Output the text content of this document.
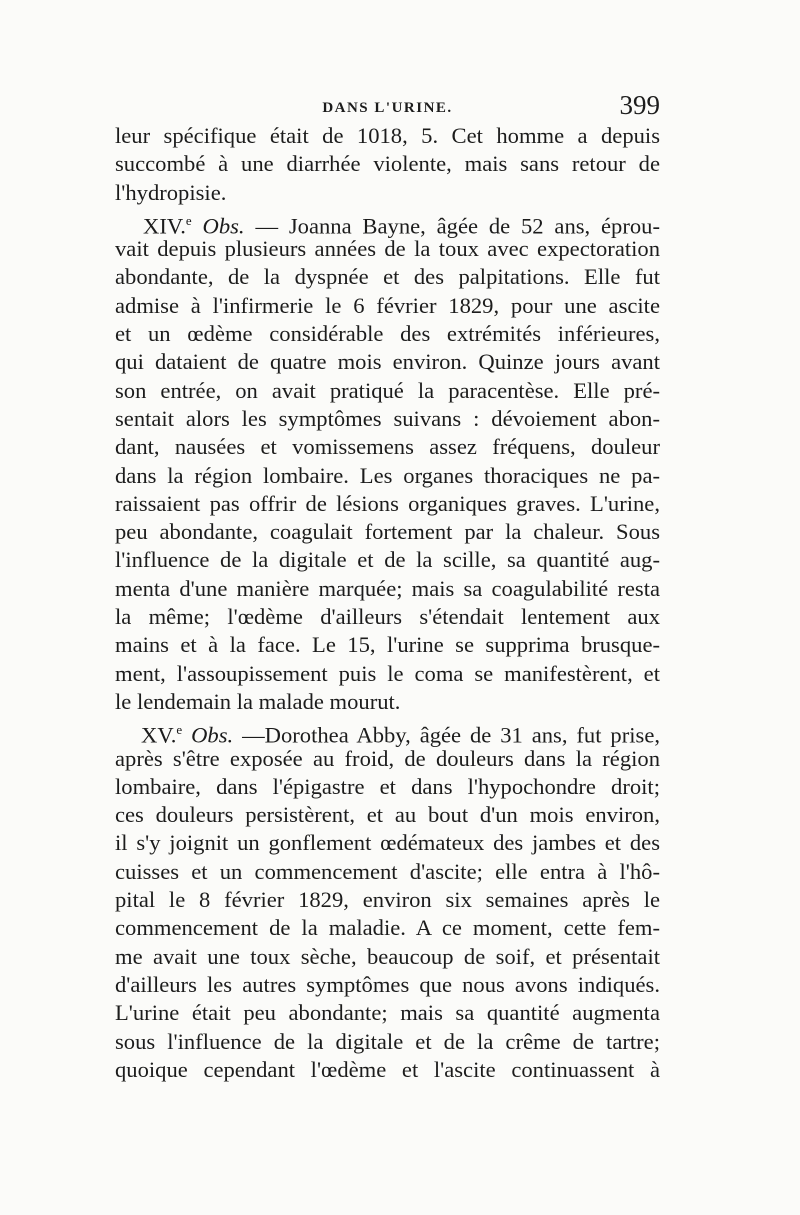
DANS L'URINE.	399
leur spécifique était de 1018, 5. Cet homme a depuis
succombé à une diarrhée violente, mais sans retour de
l'hydropisie.
XIV.$^e$ Obs. — Joanna Bayne, âgée de 52 ans, éprou-
vait depuis plusieurs années de la toux avec expectoration
abondante, de la dyspnée et des palpitations. Elle fut
admise à l'infirmerie le 6 février 1829, pour une ascite
et un œdème considérable des extrémités inférieures,
qui dataient de quatre mois environ. Quinze jours avant
son entrée, on avait pratiqué la paracentèse. Elle pré-
sentait alors les symptômes suivans : dévoiement abon-
dant, nausées et vomissemens assez fréquens, douleur
dans la région lombaire. Les organes thoraciques ne pa-
raissaient pas offrir de lésions organiques graves. L'urine,
peu abondante, coagulait fortement par la chaleur. Sous
l'influence de la digitale et de la scille, sa quantité aug-
menta d'une manière marquée; mais sa coagulabilité resta
la même; l'œdème d'ailleurs s'étendait lentement aux
mains et à la face. Le 15, l'urine se supprima brusque-
ment, l'assoupissement puis le coma se manifestèrent, et
le lendemain la malade mourut.
XV.$^e$ Obs. —Dorothea Abby, âgée de 31 ans, fut prise,
après s'être exposée au froid, de douleurs dans la région
lombaire, dans l'épigastre et dans l'hypochondre droit;
ces douleurs persistèrent, et au bout d'un mois environ,
il s'y joignit un gonflement œdémateux des jambes et des
cuisses et un commencement d'ascite; elle entra à l'hô-
pital le 8 février 1829, environ six semaines après le
commencement de la maladie. A ce moment, cette fem-
me avait une toux sèche, beaucoup de soif, et présentait
d'ailleurs les autres symptômes que nous avons indiqués.
L'urine était peu abondante; mais sa quantité augmenta
sous l'influence de la digitale et de la crême de tartre;
quoique cependant l'œdème et l'ascite continuassent à
